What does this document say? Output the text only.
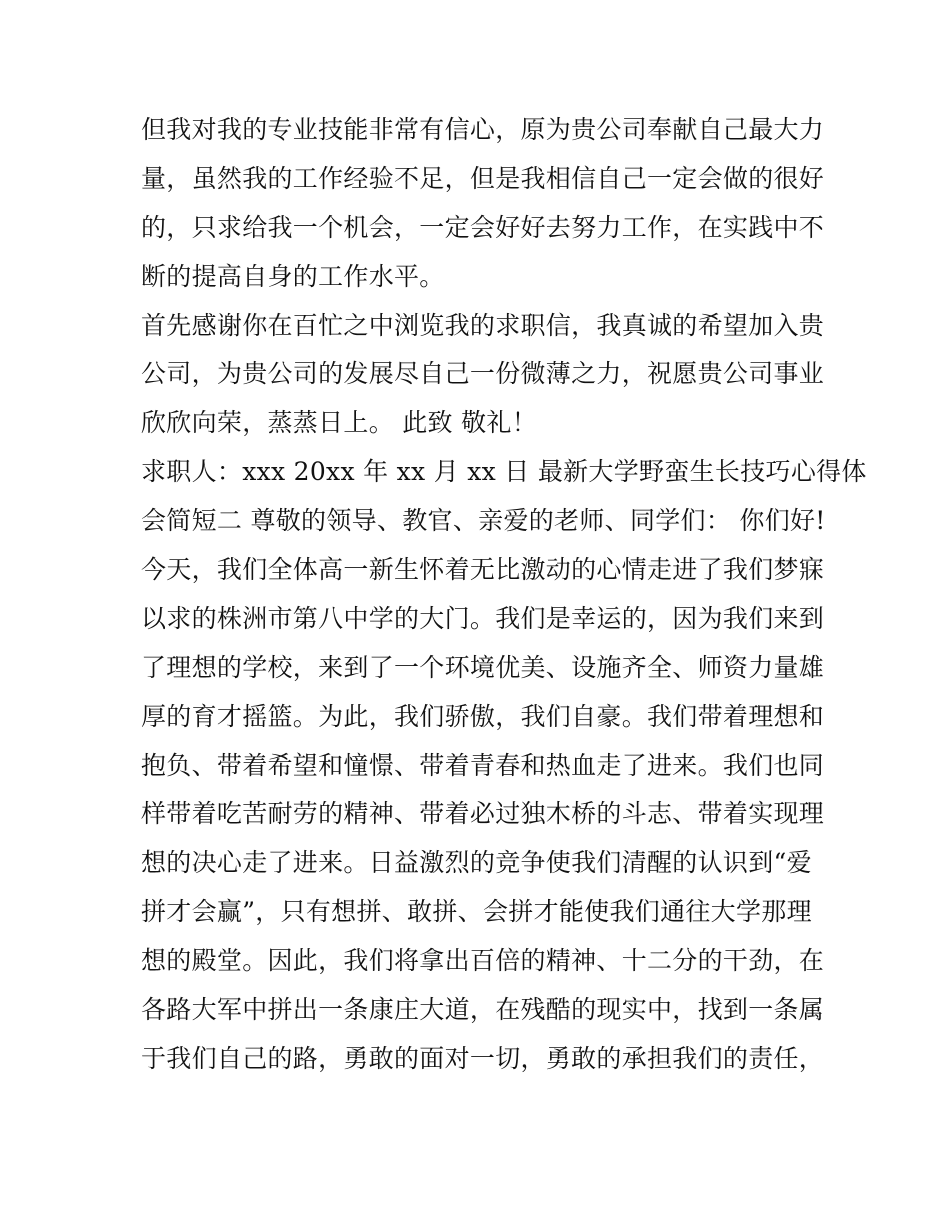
但我对我的专业技能非常有信心，原为贵公司奉献自己最大力
量，虽然我的工作经验不足，但是我相信自己一定会做的很好
的，只求给我一个机会，一定会好好去努力工作，在实践中不
断的提高自身的工作水平。
首先感谢你在百忙之中浏览我的求职信，我真诚的希望加入贵
公司，为贵公司的发展尽自己一份微薄之力，祝愿贵公司事业
欣欣向荣，蒸蒸日上。 此致 敬礼！
求职人：xxx 20xx 年 xx 月 xx 日 最新大学野蛮生长技巧心得体
会简短二 尊敬的领导、教官、亲爱的老师、同学们： 你们好!
今天，我们全体高一新生怀着无比激动的心情走进了我们梦寐
以求的株洲市第八中学的大门。我们是幸运的，因为我们来到
了理想的学校，来到了一个环境优美、设施齐全、师资力量雄
厚的育才摇篮。为此，我们骄傲，我们自豪。我们带着理想和
抱负、带着希望和憧憬、带着青春和热血走了进来。我们也同
样带着吃苦耐劳的精神、带着必过独木桥的斗志、带着实现理
想的决心走了进来。日益激烈的竞争使我们清醒的认识到“爱
拼才会赢”，只有想拼、敢拼、会拼才能使我们通往大学那理
想的殿堂。因此，我们将拿出百倍的精神、十二分的干劲，在
各路大军中拼出一条康庄大道，在残酷的现实中，找到一条属
于我们自己的路，勇敢的面对一切，勇敢的承担我们的责任，
